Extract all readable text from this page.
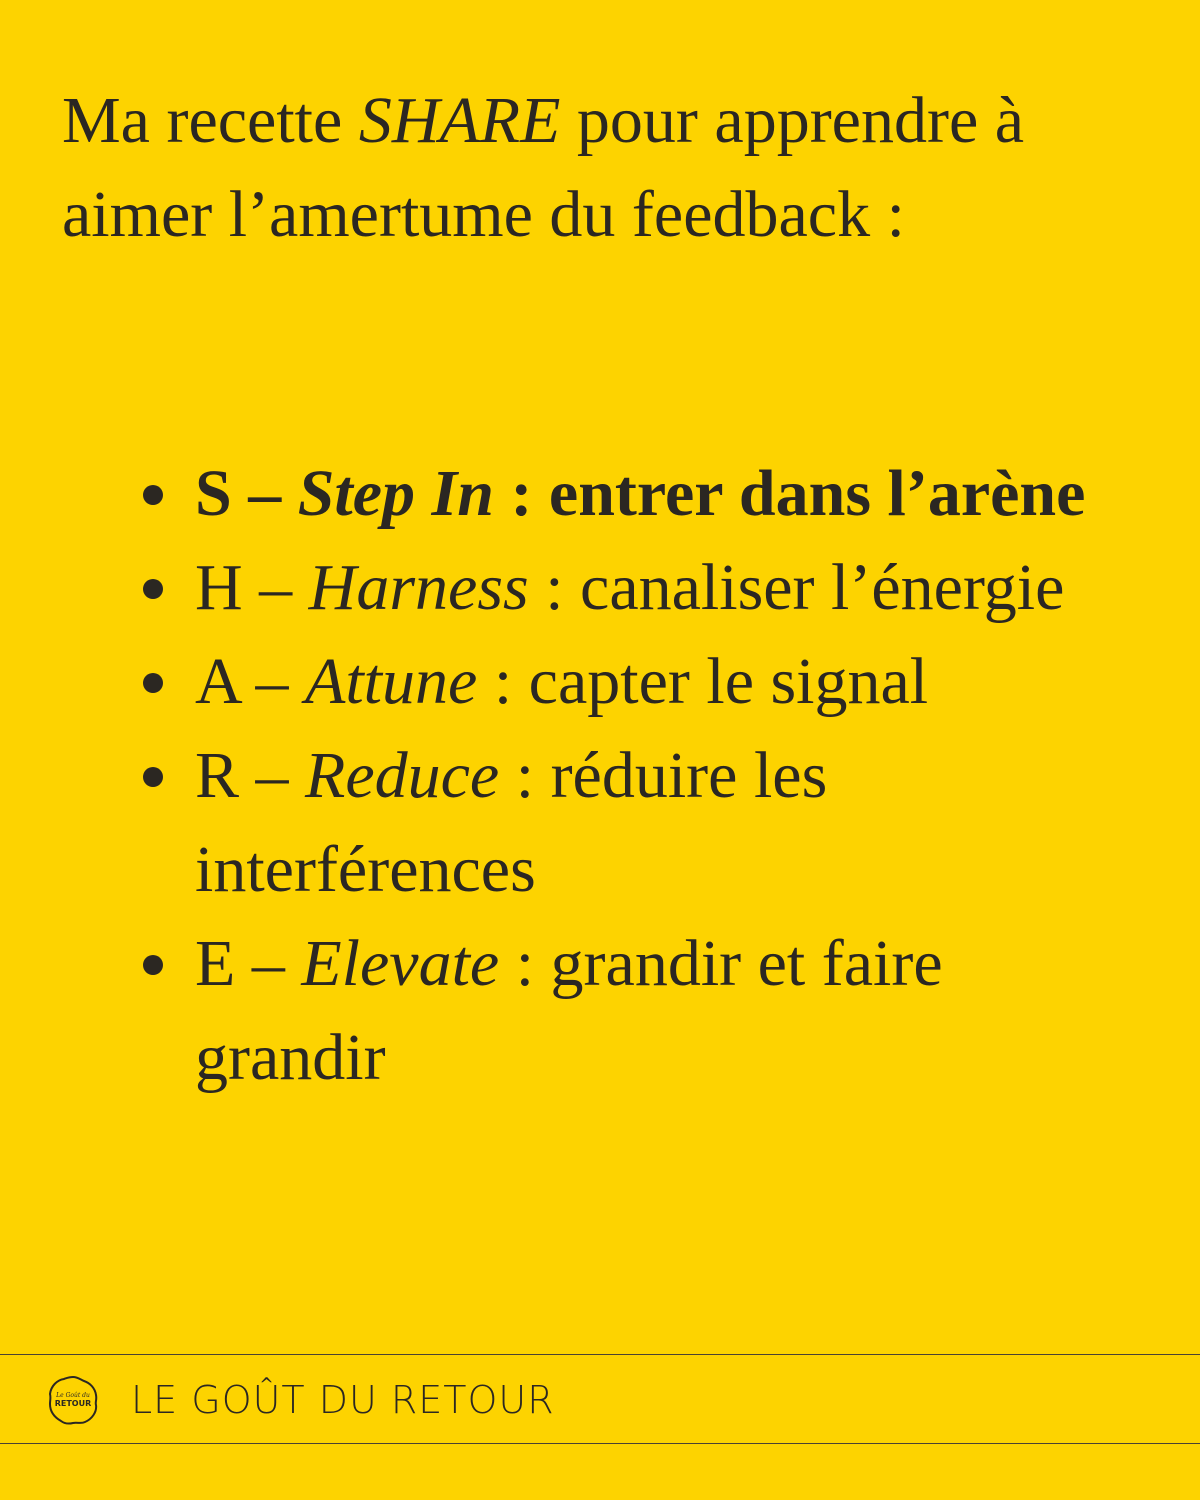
Ma recette SHARE pour apprendre à aimer l’amertume du feedback :

S – Step In : entrer dans l’arène
H – Harness : canaliser l’énergie
A – Attune : capter le signal
R – Reduce : réduire les interférences
E – Elevate : grandir et faire grandir
Le Goût du
RETOUR LE GOÛT DU RETOUR
